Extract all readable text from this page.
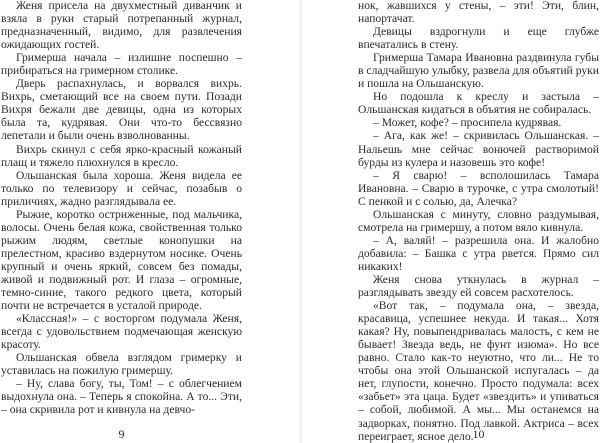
Женя присела на двухместный диванчик и взяла в руки старый потрепанный журнал, предназначенный, видимо, для развлечения ожидающих гостей.

Гримерша начала – излишне поспешно – прибираться на гримерном столике.

Дверь распахнулась, и ворвался вихрь. Вихрь, сметающий все на своем пути. Позади Вихря бежали две девицы, одна из которых была та, кудрявая. Они что-то бессвязно лепетали и были очень взволнованны.

Вихрь скинул с себя ярко-красный кожаный плащ и тяжело плюхнулся в кресло.

Ольшанская была хороша. Женя видела ее только по телевизору и сейчас, позабыв о приличиях, жадно разглядывала ее.

Рыжие, коротко остриженные, под мальчика, волосы. Очень белая кожа, свойственная только рыжим людям, светлые конопушки на прелестном, красиво вздернутом носике. Очень крупный и очень яркий, совсем без помады, живой и подвижный рот. И глаза – огромные, темно-синие, такого редкого цвета, который почти не встречается в усталой природе.

«Классная!» – с восторгом подумала Женя, всегда с удовольствием подмечающая женскую красоту.

Ольшанская обвела взглядом гримерку и уставилась на пожилую гримершу.

– Ну, слава богу, ты, Том! – с облегчением выдохнула она. – Теперь я спокойна. А то... Эти, – она скривила рот и кивнула на девчо-

9

нок, жавшихся у стены, – эти! Эти, блин, напортачат.

Девицы вздрогнули и еще глубже впечатались в стену.

Гримерша Тамара Ивановна раздвинула губы в сладчайшую улыбку, развела для объятий руки и пошла на Ольшанскую.

Но подошла к креслу и застыла – Ольшанская кидаться в объятия не собиралась.

– Может, кофе? – просипела кудрявая.

– Ага, как же! – скривилась Ольшанская. – Нальешь мне сейчас вонючей растворимой бурды из кулера и назовешь это кофе!

– Я сварю! – всполошилась Тамара Ивановна. – Сварю в турочке, с утра смолотый! С пенкой и с солью, да, Алечка?

Ольшанская с минуту, словно раздумывая, смотрела на гримершу, а потом вяло кивнула.

– А, валяй! – разрешила она. И жалобно добавила: – Башка с утра рвется. Прямо сил никаких!

Женя снова уткнулась в журнал – разглядывать звезду ей совсем расхотелось.

«Вот так, – подумала она, – звезда, красавица, успешнее некуда. И такая... Хотя какая? Ну, повыпендривалась малость, с кем не бывает! Звезда ведь, не фунт изюма». Но все равно. Стало как-то неуютно, что ли... Не то чтобы она этой Ольшанской испугалась – да нет, глупости, конечно. Просто подумала: всех «забьет» эта цаца. Будет «звездить» и упиваться – собой, любимой. А мы... Мы останемся на задворках, понятно. Под лавкой. Актриса – всех переиграет, ясное дело.

10
